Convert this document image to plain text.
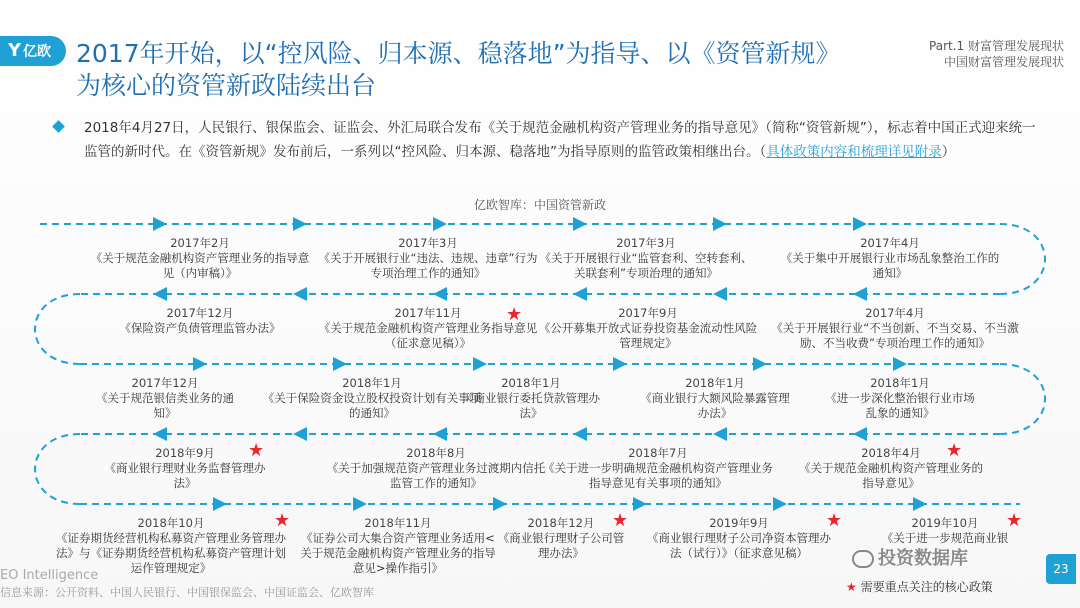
Y 亿欧 2017年开始，以“控风险、归本源、稳落地”为指导、以《资管新规》为核心的资管新政陆续出台
Part.1 财富管理发展现状
中国财富管理发展现状
2018年4月27日，人民银行、银保监会、证监会、外汇局联合发布《关于规范金融机构资产管理业务的指导意见》（简称“资管新规”），标志着中国正式迎来统一监管的新时代。在《资管新规》发布前后，一系列以“控风险、归本源、稳落地”为指导原则的监管政策相继出台。（具体政策内容和梳理详见附录）
亿欧智库：中国资管新政
2017年2月
《关于规范金融机构资产管理业务的指导意见（内审稿）》
2017年3月
《关于开展银行业“违法、违规、违章”行为专项治理工作的通知》
2017年3月
《关于开展银行业“监管套利、空转套利、关联套利”专项治理的通知》
2017年4月
《关于集中开展银行业市场乱象整治工作的通知》
2017年12月
《保险资产负债管理监管办法》
2017年11月
《关于规范金融机构资产管理业务指导意见（征求意见稿）》
★	2017年9月
《公开募集开放式证券投资基金流动性风险管理规定》
2017年4月
《关于开展银行业“不当创新、不当交易、不当激励、不当收费”专项治理工作的通知》
2017年12月
《关于规范银信类业务的通知》
2018年1月
《关于保险资金设立股权投资计划有关事项的通知》
2018年1月
《商业银行委托贷款管理办法》
2018年1月
《商业银行大额风险暴露管理办法》
2018年1月
《进一步深化整治银行业市场乱象的通知》
2018年9月
《商业银行理财业务监督管理办法》
★	2018年8月
《关于加强规范资产管理业务过渡期内信托监管工作的通知》
2018年7月
《关于进一步明确规范金融机构资产管理业务指导意见有关事项的通知》
2018年4月
《关于规范金融机构资产管理业务的指导意见》
★
2018年10月
《证券期货经营机构私募资产管理业务管理办法》与《证券期货经营机构私募资产管理计划运作管理规定》
★	2018年11月
《证券公司大集合资产管理业务适用<关于规范金融机构资产管理业务的指导意见>操作指引》
2018年12月
《商业银行理财子公司管理办法》
★	2019年9月
《商业银行理财子公司净资本管理办法（试行）》（征求意见稿）
★	2019年10月
《关于进一步规范商业银
★
EO Intelligence
信息来源：公开资料、中国人民银行、中国银保监会、中国证监会、亿欧智库
投资数据库
★ 需要重点关注的核心政策
23
